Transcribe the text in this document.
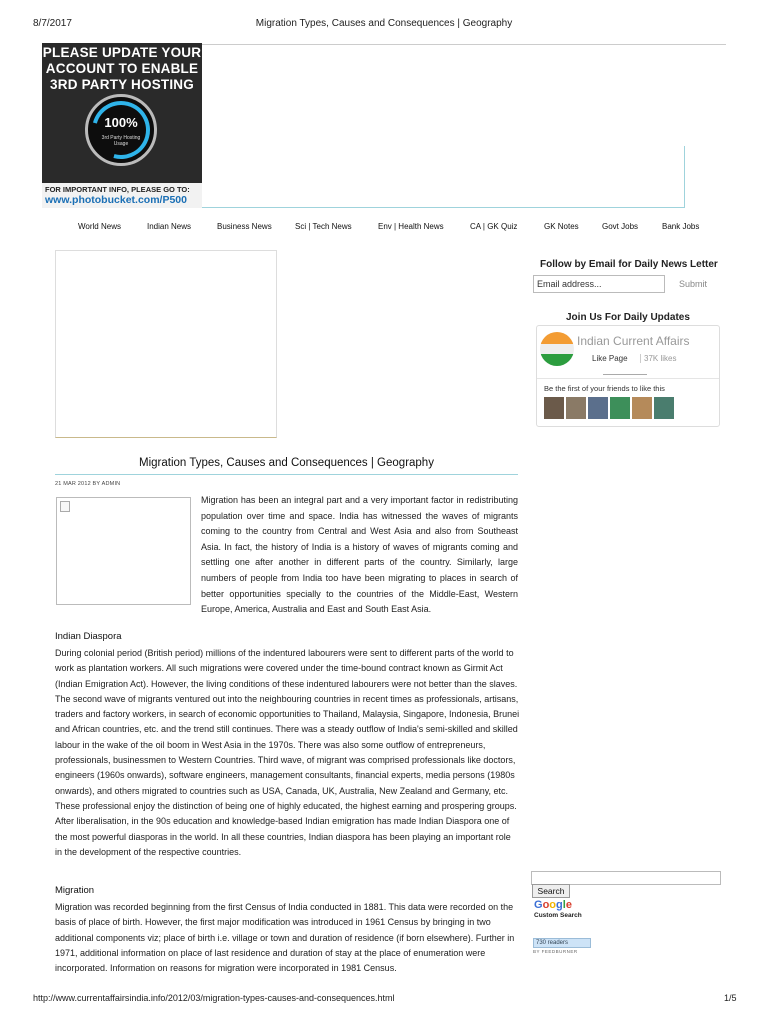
8/7/2017	Migration Types, Causes and Consequences | Geography
PLEASE UPDATE YOUR
ACCOUNT TO ENABLE
3RD PARTY HOSTING
100%
3rd Party Hosting
Usage
FOR IMPORTANT INFO, PLEASE GO TO:
www.photobucket.com/P500
World News	Indian News	Business News	Sci | Tech News	Env | Health News	CA | GK Quiz	GK Notes	Govt Jobs	Bank Jobs
Follow by Email for Daily News Letter
Email address...	Submit
Join Us For Daily Updates
Indian Current Affairs
Like Page	37K likes
Be the first of your friends to like this
Migration Types, Causes and Consequences | Geography
21 MAR 2012 BY ADMIN
Migration has been an integral part and a very important factor in redistributing population over time and space. India has witnessed the waves of migrants coming to the country from Central and West Asia and also from Southeast Asia. In fact, the history of India is a history of waves of migrants coming and settling one after another in different parts of the country. Similarly, large numbers of people from India too have been migrating to places in search of better opportunities specially to the countries of the Middle-East, Western Europe, America, Australia and East and South East Asia.
Indian Diaspora
During colonial period (British period) millions of the indentured labourers were sent to different parts of the world to work as plantation workers. All such migrations were covered under the time-bound contract known as Girmit Act (Indian Emigration Act). However, the living conditions of these indentured labourers were not better than the slaves. The second wave of migrants ventured out into the neighbouring countries in recent times as professionals, artisans, traders and factory workers, in search of economic opportunities to Thailand, Malaysia, Singapore, Indonesia, Brunei and African countries, etc. and the trend still continues. There was a steady outflow of India's semi-skilled and skilled labour in the wake of the oil boom in West Asia in the 1970s. There was also some outflow of entrepreneurs, professionals, businessmen to Western Countries. Third wave, of migrant was comprised professionals like doctors, engineers (1960s onwards), software engineers, management consultants, financial experts, media persons (1980s onwards), and others migrated to countries such as USA, Canada, UK, Australia, New Zealand and Germany, etc. These professional enjoy the distinction of being one of highly educated, the highest earning and prospering groups. After liberalisation, in the 90s education and knowledge-based Indian emigration has made Indian Diaspora one of the most powerful diasporas in the world. In all these countries, Indian diaspora has been playing an important role in the development of the respective countries.
Migration
Migration was recorded beginning from the first Census of India conducted in 1881. This data were recorded on the basis of place of birth. However, the first major modification was introduced in 1961 Census by bringing in two additional components viz; place of birth i.e. village or town and duration of residence (if born elsewhere). Further in 1971, additional information on place of last residence and duration of stay at the place of enumeration were incorporated. Information on reasons for migration were incorporated in 1981 Census.
Search
Google
Custom Search
730 readers
BY FEEDBURNER
http://www.currentaffairsindia.info/2012/03/migration-types-causes-and-consequences.html	1/5
